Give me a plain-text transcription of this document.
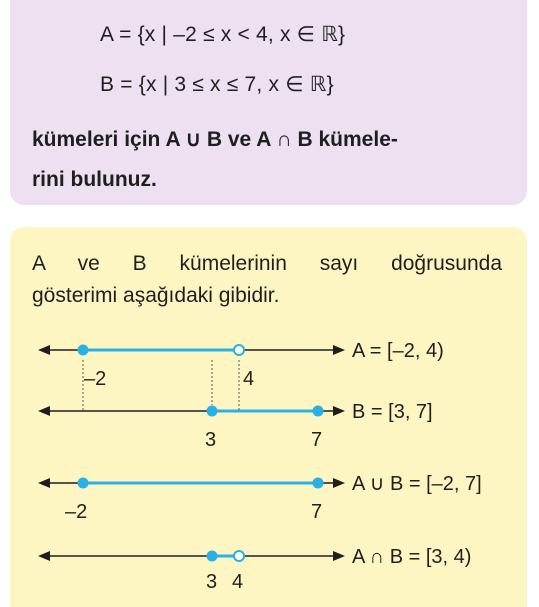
A = {x | –2 ≤ x < 4, x ∈ ℝ}
B = {x | 3 ≤ x ≤ 7, x ∈ ℝ}
kümeleri için A ∪ B ve A ∩ B kümele-
rini bulunuz.
A ve B kümelerinin sayı doğrusunda
gösterimi aşağıdaki gibidir.
A = [–2, 4)
B = [3, 7]
A ∪ B = [–2, 7]
A ∩ B = [3, 4)
–2	4
3	7
–2	7
3 4
